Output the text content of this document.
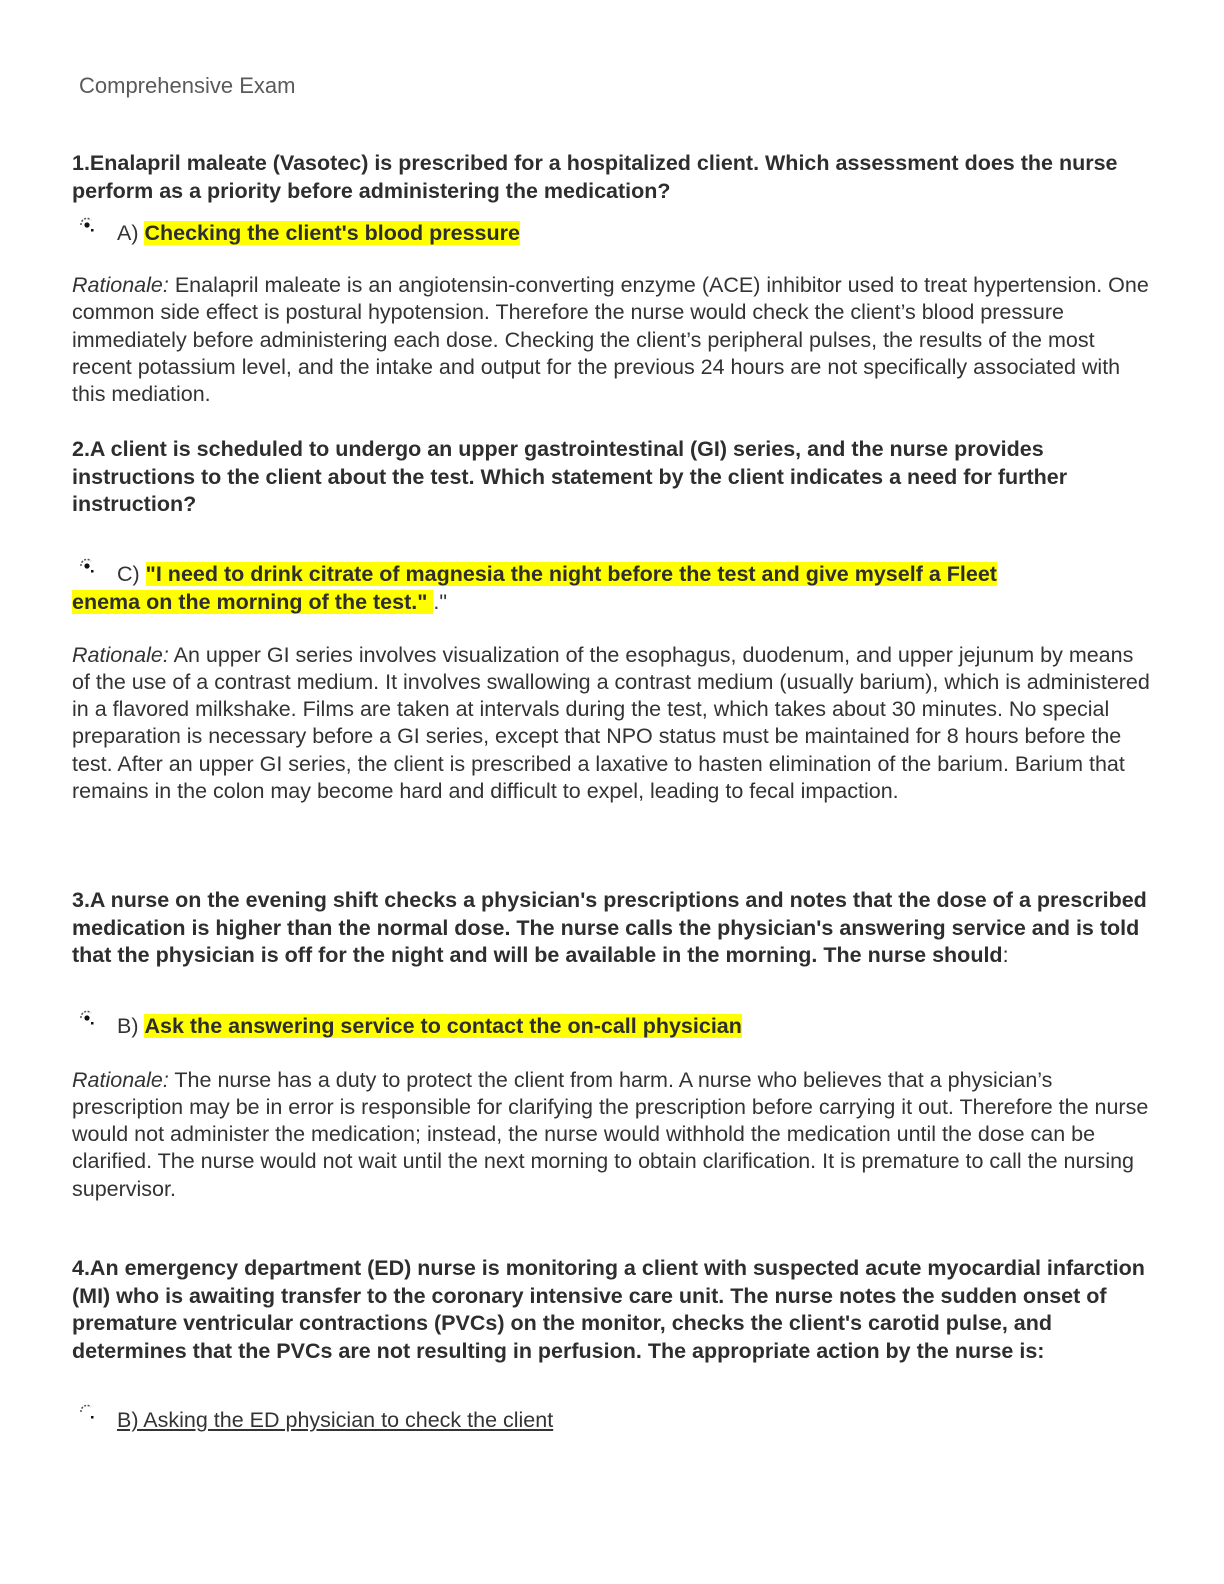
Comprehensive Exam

1.Enalapril maleate (Vasotec) is prescribed for a hospitalized client. Which assessment does the nurse perform as a priority before administering the medication?

A) Checking the client's blood pressure

Rationale: Enalapril maleate is an angiotensin-converting enzyme (ACE) inhibitor used to treat hypertension. One common side effect is postural hypotension. Therefore the nurse would check the client’s blood pressure immediately before administering each dose. Checking the client’s peripheral pulses, the results of the most recent potassium level, and the intake and output for the previous 24 hours are not specifically associated with this mediation.

2.A client is scheduled to undergo an upper gastrointestinal (GI) series, and the nurse provides instructions to the client about the test. Which statement by the client indicates a need for further instruction?

C) "I need to drink citrate of magnesia the night before the test and give myself a Fleet
enema on the morning of the test." ."

Rationale: An upper GI series involves visualization of the esophagus, duodenum, and upper jejunum by means of the use of a contrast medium. It involves swallowing a contrast medium (usually barium), which is administered in a flavored milkshake. Films are taken at intervals during the test, which takes about 30 minutes. No special preparation is necessary before a GI series, except that NPO status must be maintained for 8 hours before the test. After an upper GI series, the client is prescribed a laxative to hasten elimination of the barium. Barium that remains in the colon may become hard and difficult to expel, leading to fecal impaction.

3.A nurse on the evening shift checks a physician's prescriptions and notes that the dose of a prescribed medication is higher than the normal dose. The nurse calls the physician's answering service and is told that the physician is off for the night and will be available in the morning. The nurse should:

B) Ask the answering service to contact the on-call physician

Rationale: The nurse has a duty to protect the client from harm. A nurse who believes that a physician’s prescription may be in error is responsible for clarifying the prescription before carrying it out. Therefore the nurse would not administer the medication; instead, the nurse would withhold the medication until the dose can be clarified. The nurse would not wait until the next morning to obtain clarification. It is premature to call the nursing supervisor.

4.An emergency department (ED) nurse is monitoring a client with suspected acute myocardial infarction (MI) who is awaiting transfer to the coronary intensive care unit. The nurse notes the sudden onset of premature ventricular contractions (PVCs) on the monitor, checks the client's carotid pulse, and determines that the PVCs are not resulting in perfusion. The appropriate action by the nurse is:

B) Asking the ED physician to check the client
